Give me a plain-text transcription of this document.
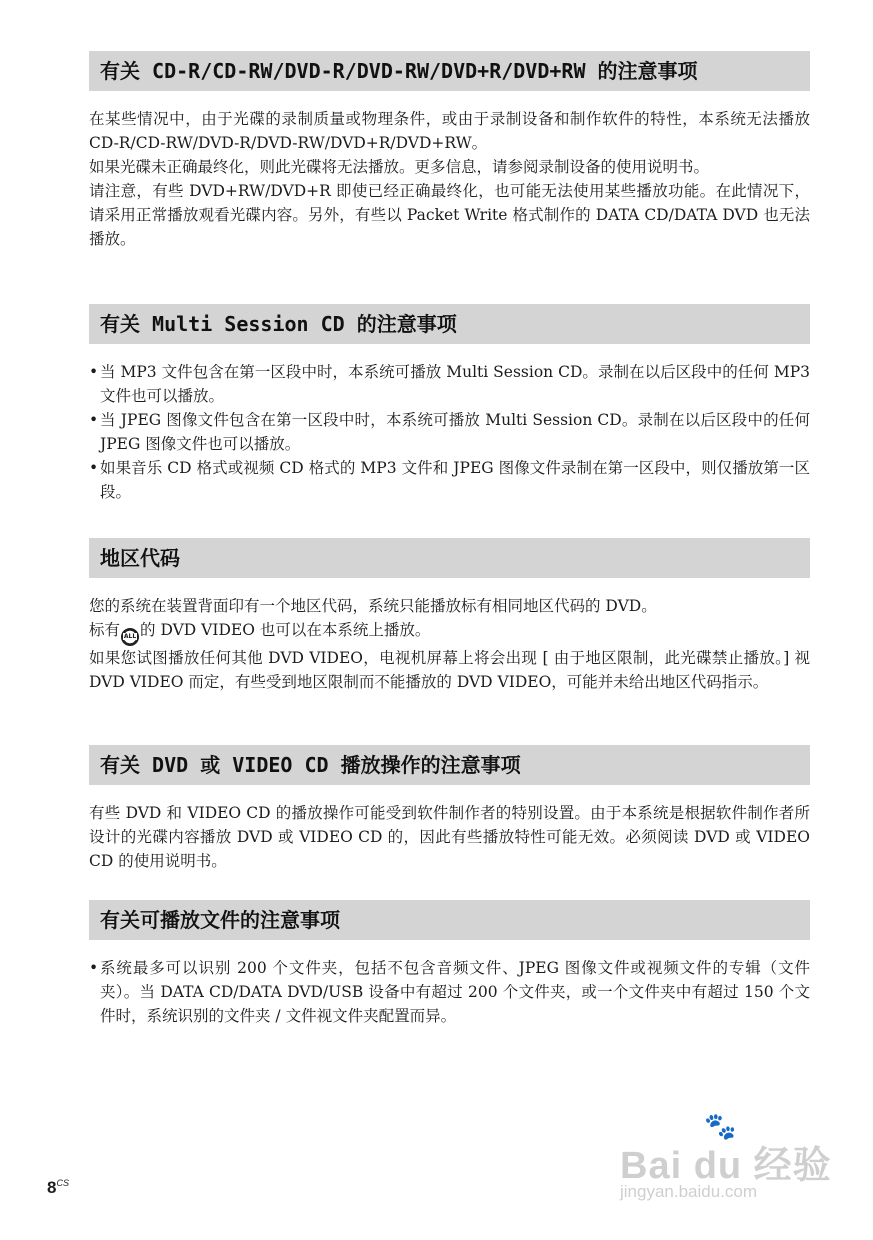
有关 CD-R/CD-RW/DVD-R/DVD-RW/DVD+R/DVD+RW 的注意事项

在某些情况中，由于光碟的录制质量或物理条件，或由于录制设备和制作软件的特性，本系统无法播放 CD-R/CD-RW/DVD-R/DVD-RW/DVD+R/DVD+RW。

如果光碟未正确最终化，则此光碟将无法播放。更多信息，请参阅录制设备的使用说明书。

请注意，有些 DVD+RW/DVD+R 即使已经正确最终化，也可能无法使用某些播放功能。在此情况下，请采用正常播放观看光碟内容。另外，有些以 Packet Write 格式制作的 DATA CD/DATA DVD 也无法播放。

有关 Multi Session CD 的注意事项
• 当 MP3 文件包含在第一区段中时，本系统可播放 Multi Session CD。录制在以后区段中的任何 MP3 文件也可以播放。
• 当 JPEG 图像文件包含在第一区段中时，本系统可播放 Multi Session CD。录制在以后区段中的任何 JPEG 图像文件也可以播放。
• 如果音乐 CD 格式或视频 CD 格式的 MP3 文件和 JPEG 图像文件录制在第一区段中，则仅播放第一区段。
地区代码

您的系统在装置背面印有一个地区代码，系统只能播放标有相同地区代码的 DVD。

标有 ALL 的 DVD VIDEO 也可以在本系统上播放。

如果您试图播放任何其他 DVD VIDEO，电视机屏幕上将会出现 [ 由于地区限制，此光碟禁止播放。] 视 DVD VIDEO 而定，有些受到地区限制而不能播放的 DVD VIDEO，可能并未给出地区代码指示。

有关 DVD 或 VIDEO CD 播放操作的注意事项

有些 DVD 和 VIDEO CD 的播放操作可能受到软件制作者的特别设置。由于本系统是根据软件制作者所设计的光碟内容播放 DVD 或 VIDEO CD 的，因此有些播放特性可能无效。必须阅读 DVD 或 VIDEO CD 的使用说明书。

有关可播放文件的注意事项
• 系统最多可以识别 200 个文件夹，包括不包含音频文件、JPEG 图像文件或视频文件的专辑（文件夹）。当 DATA CD/DATA DVD/USB 设备中有超过 200 个文件夹，或一个文件夹中有超过 150 个文件时，系统识别的文件夹 / 文件视文件夹配置而异。
$8^{CS}$
🐾
Bai du 经验
jingyan.baidu.com
